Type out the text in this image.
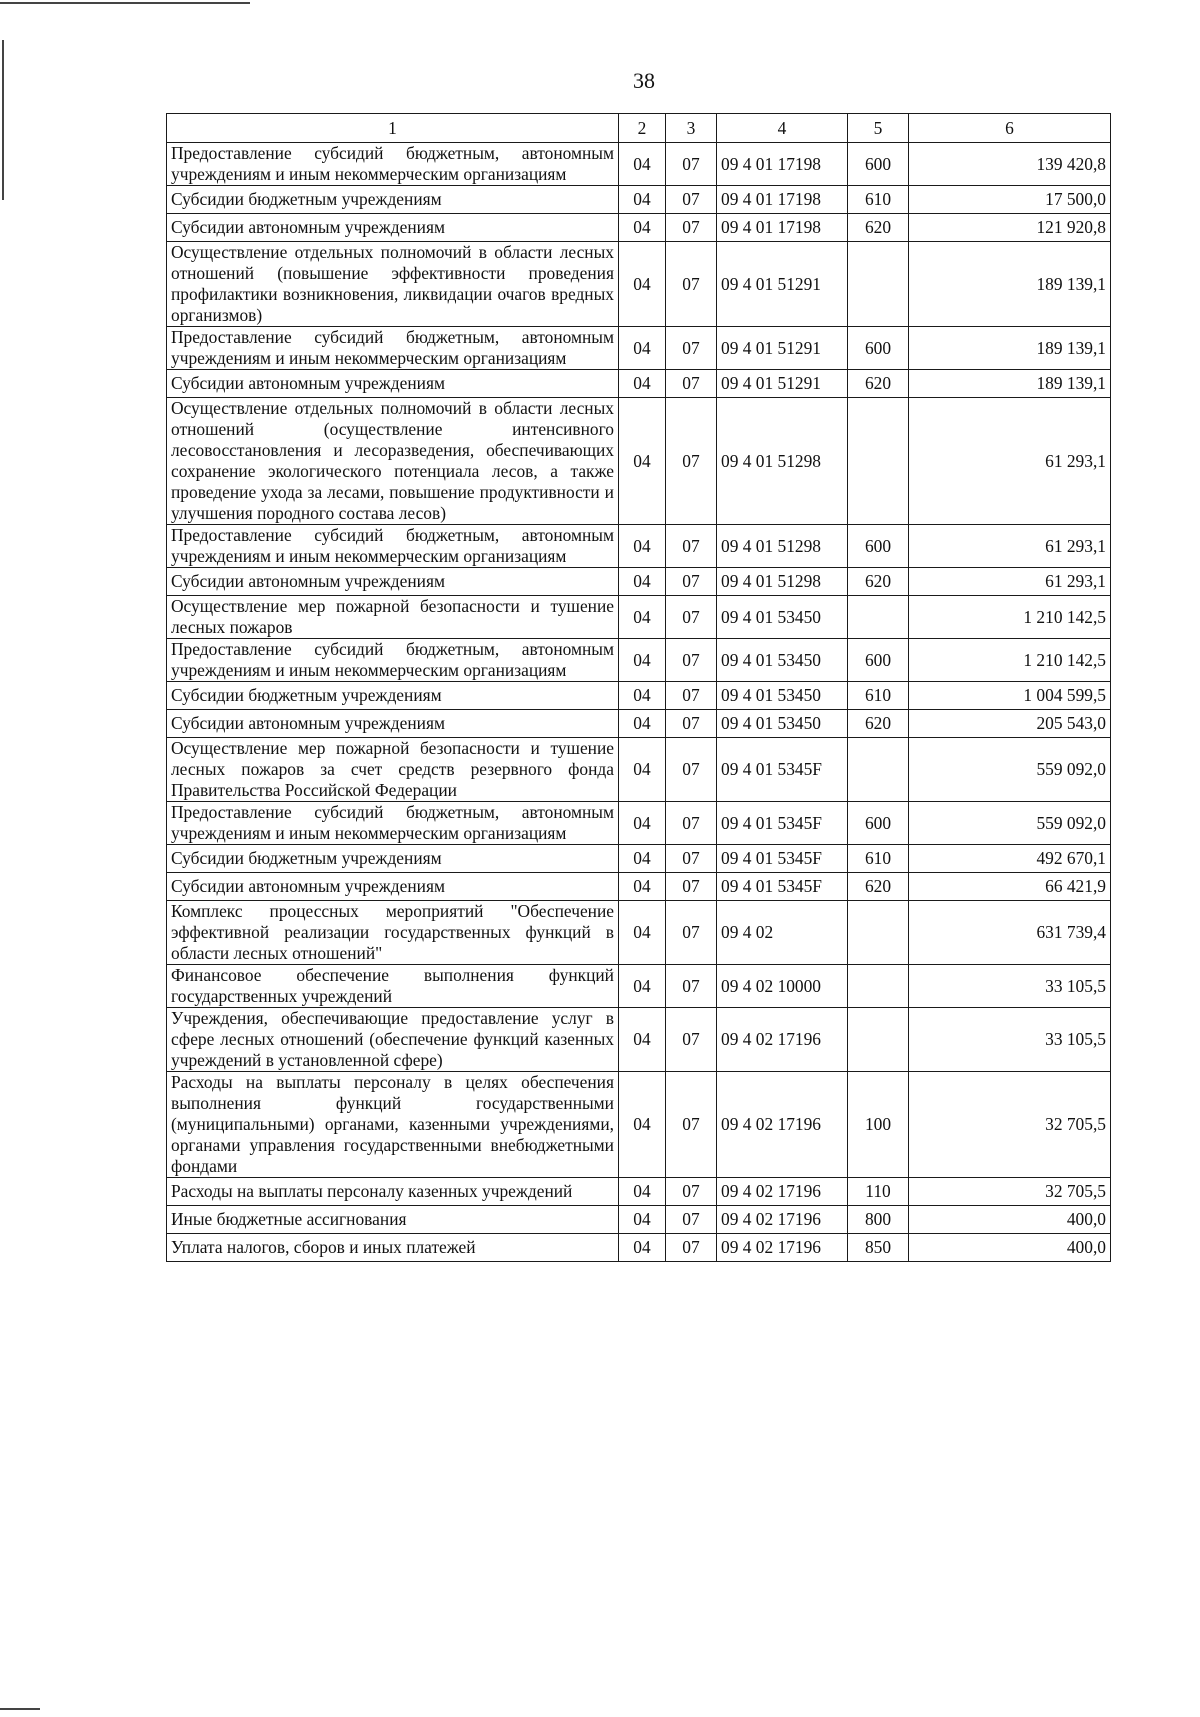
38
1	2	3	4	5	6
Предоставление субсидий бюджетным, автономным учреждениям и иным некоммерческим организациям	04	07	09 4 01 17198	600	139 420,8
Субсидии бюджетным учреждениям	04	07	09 4 01 17198	610	17 500,0
Субсидии автономным учреждениям	04	07	09 4 01 17198	620	121 920,8
Осуществление отдельных полномочий в области лесных отношений (повышение эффективности проведения профилактики возникновения, ликвидации очагов вредных организмов)	04	07	09 4 01 51291		189 139,1
Предоставление субсидий бюджетным, автономным учреждениям и иным некоммерческим организациям	04	07	09 4 01 51291	600	189 139,1
Субсидии автономным учреждениям	04	07	09 4 01 51291	620	189 139,1
Осуществление отдельных полномочий в области лесных отношений (осуществление интенсивного лесовосстановления и лесоразведения, обеспечивающих сохранение экологического потенциала лесов, а также проведение ухода за лесами, повышение продуктивности и улучшения породного состава лесов)	04	07	09 4 01 51298		61 293,1
Предоставление субсидий бюджетным, автономным учреждениям и иным некоммерческим организациям	04	07	09 4 01 51298	600	61 293,1
Субсидии автономным учреждениям	04	07	09 4 01 51298	620	61 293,1
Осуществление мер пожарной безопасности и тушение лесных пожаров	04	07	09 4 01 53450		1 210 142,5
Предоставление субсидий бюджетным, автономным учреждениям и иным некоммерческим организациям	04	07	09 4 01 53450	600	1 210 142,5
Субсидии бюджетным учреждениям	04	07	09 4 01 53450	610	1 004 599,5
Субсидии автономным учреждениям	04	07	09 4 01 53450	620	205 543,0
Осуществление мер пожарной безопасности и тушение лесных пожаров за счет средств резервного фонда Правительства Российской Федерации	04	07	09 4 01 5345F		559 092,0
Предоставление субсидий бюджетным, автономным учреждениям и иным некоммерческим организациям	04	07	09 4 01 5345F	600	559 092,0
Субсидии бюджетным учреждениям	04	07	09 4 01 5345F	610	492 670,1
Субсидии автономным учреждениям	04	07	09 4 01 5345F	620	66 421,9
Комплекс процессных мероприятий "Обеспечение эффективной реализации государственных функций в области лесных отношений"	04	07	09 4 02		631 739,4
Финансовое обеспечение выполнения функций государственных учреждений	04	07	09 4 02 10000		33 105,5
Учреждения, обеспечивающие предоставление услуг в сфере лесных отношений (обеспечение функций казенных учреждений в установленной сфере)	04	07	09 4 02 17196		33 105,5
Расходы на выплаты персоналу в целях обеспечения выполнения функций государственными (муниципальными) органами, казенными учреждениями, органами управления государственными внебюджетными фондами	04	07	09 4 02 17196	100	32 705,5
Расходы на выплаты персоналу казенных учреждений	04	07	09 4 02 17196	110	32 705,5
Иные бюджетные ассигнования	04	07	09 4 02 17196	800	400,0
Уплата налогов, сборов и иных платежей	04	07	09 4 02 17196	850	400,0
